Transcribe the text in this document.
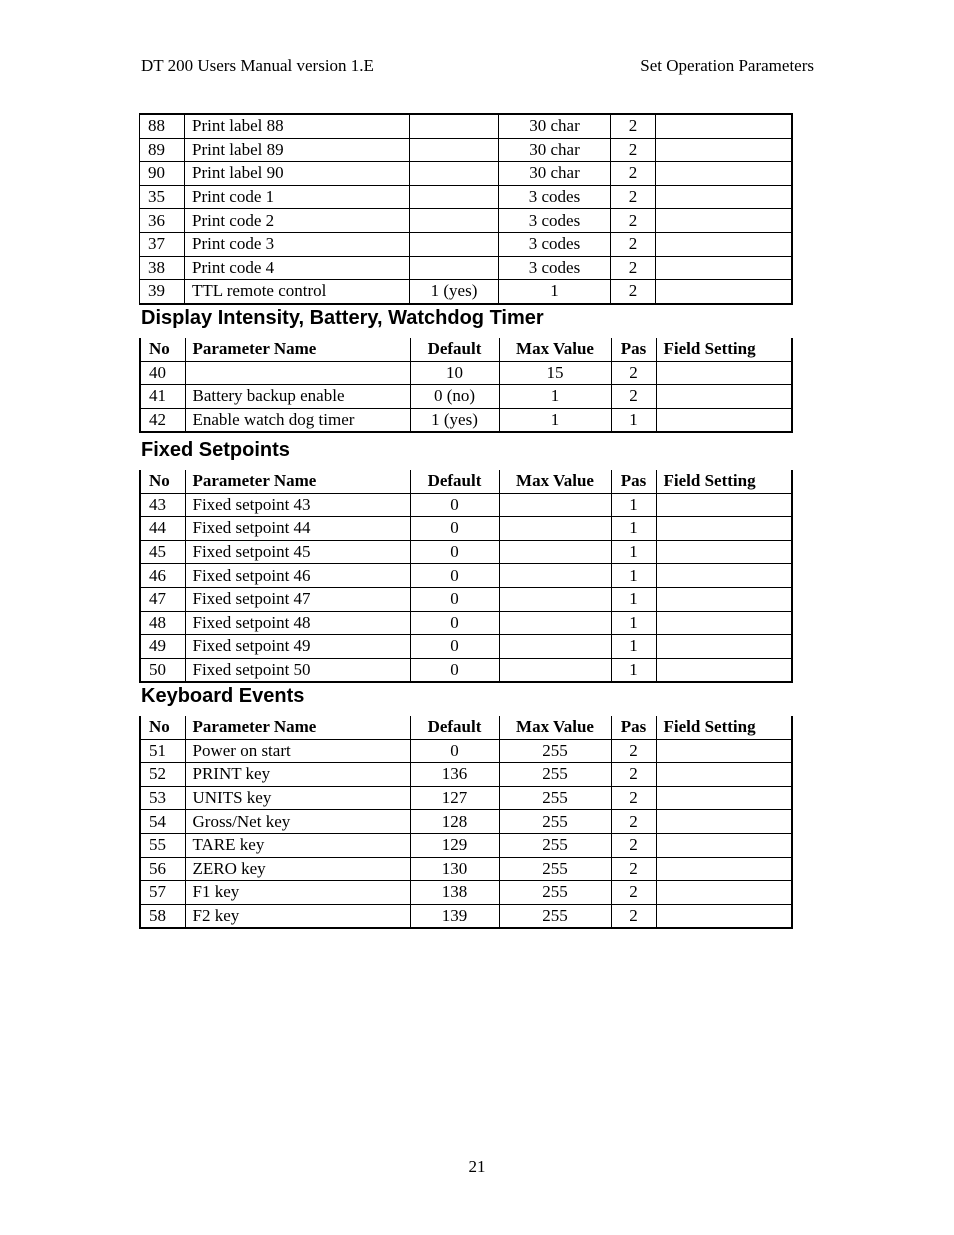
DT 200 Users Manual version 1.E	Set Operation Parameters
88	Print label 88		30 char	2	
89	Print label 89		30 char	2	
90	Print label 90		30 char	2	
35	Print code 1		3 codes	2	
36	Print code 2		3 codes	2	
37	Print code 3		3 codes	2	
38	Print code 4		3 codes	2	
39	TTL remote control	1 (yes)	1	2	
Display Intensity, Battery, Watchdog Timer
No	Parameter Name	Default	Max Value	Pas	Field Setting
40		10	15	2	
41	Battery backup enable	0 (no)	1	2	
42	Enable watch dog timer	1 (yes)	1	1	
Fixed Setpoints
No	Parameter Name	Default	Max Value	Pas	Field Setting
43	Fixed setpoint 43	0		1	
44	Fixed setpoint 44	0		1	
45	Fixed setpoint 45	0		1	
46	Fixed setpoint 46	0		1	
47	Fixed setpoint 47	0		1	
48	Fixed setpoint 48	0		1	
49	Fixed setpoint 49	0		1	
50	Fixed setpoint 50	0		1	
Keyboard Events
No	Parameter Name	Default	Max Value	Pas	Field Setting
51	Power on start	0	255	2	
52	PRINT key	136	255	2	
53	UNITS key	127	255	2	
54	Gross/Net key	128	255	2	
55	TARE key	129	255	2	
56	ZERO key	130	255	2	
57	F1 key	138	255	2	
58	F2 key	139	255	2	
21
